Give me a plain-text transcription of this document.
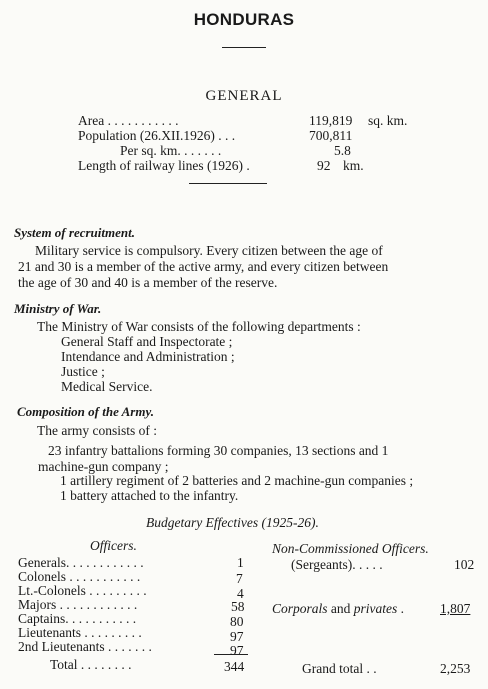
HONDURAS
GENERAL
Area . . . . . . . . . . .	119,819 sq. km.
Population (26.XII.1926) . . .	700,811
Per sq. km. . . . . . .	5.8
Length of railway lines (1926) .	92 km.
System of recruitment.
Military service is compulsory. Every citizen between the age of
21 and 30 is a member of the active army, and every citizen between
the age of 30 and 40 is a member of the reserve.
Ministry of War.
The Ministry of War consists of the following departments :
General Staff and Inspectorate ;
Intendance and Administration ;
Justice ;
Medical Service.
Composition of the Army.
The army consists of :
23 infantry battalions forming 30 companies, 13 sections and 1
machine-gun company ;
1 artillery regiment of 2 batteries and 2 machine-gun companies ;
1 battery attached to the infantry.
Budgetary Effectives (1925-26).
Officers.	Non-Commissioned Officers.
Generals. . . . . . . . . . . .	1
Colonels . . . . . . . . . . .	7
Lt.-Colonels . . . . . . . . .	4
Majors . . . . . . . . . . . .	58
Captains. . . . . . . . . . .	80
Lieutenants . . . . . . . . .	97
2nd Lieutenants . . . . . . .	97
Total . . . . . . . .	344
(Sergeants). . . . .	102
Corporals and privates .	1,807
Grand total . .	2,253
